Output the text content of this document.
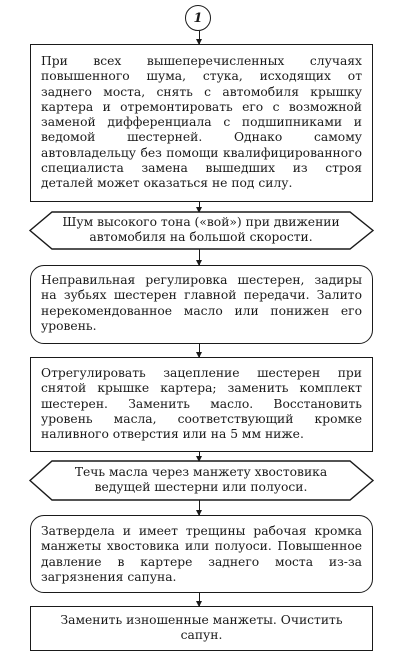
1
При всех вышеперечисленных случаях повышенного шума, стука, исходящих от заднего моста, снять с автомобиля крышку картера и отремонтировать его с возможной заменой дифференциала с подшипниками и ведомой шестерней. Однако самому автовладельцу без помощи квалифицированного специалиста замена вышедших из строя деталей может оказаться не под силу.
Шум высокого тона («вой») при движении автомобиля на большой скорости.
Неправильная регулировка шестерен, задиры на зубьях шестерен главной передачи. Залито нерекомендованное масло или понижен его уровень.
Отрегулировать зацепление шестерен при снятой крышке картера; заменить комплект шестерен. Заменить масло. Восстановить уровень масла, соответствующий кромке наливного отверстия или на 5 мм ниже.
Течь масла через манжету хвостовика ведущей шестерни или полуоси.
Затвердела и имеет трещины рабочая кромка манжеты хвостовика или полуоси. Повышенное давление в картере заднего моста из-за загрязнения сапуна.
Заменить изношенные манжеты. Очистить сапун.
